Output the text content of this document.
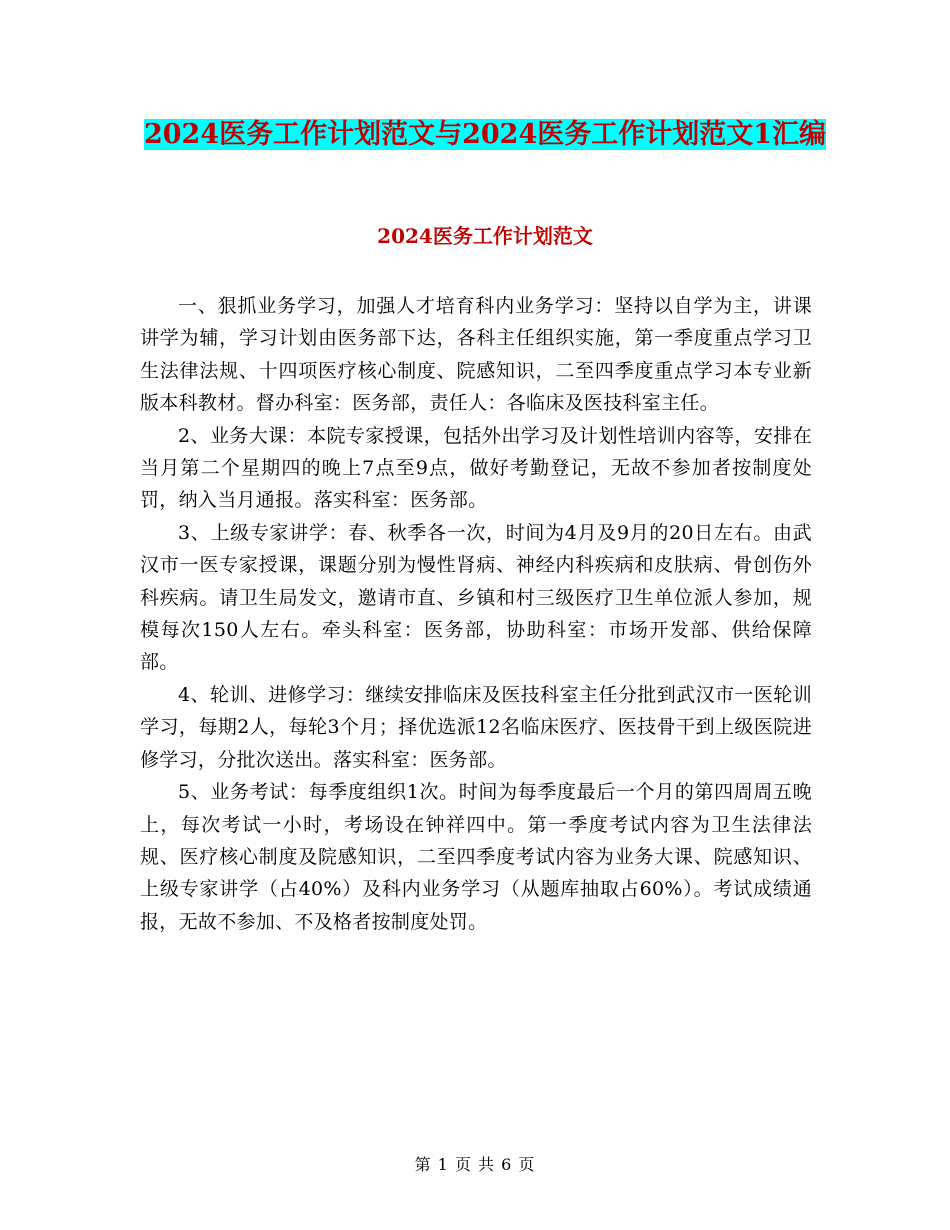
2024医务工作计划范文与2024医务工作计划范文1汇编
2024医务工作计划范文

一、狠抓业务学习，加强人才培育科内业务学习：坚持以自学为主，讲课讲学为辅，学习计划由医务部下达，各科主任组织实施，第一季度重点学习卫生法律法规、十四项医疗核心制度、院感知识，二至四季度重点学习本专业新版本科教材。督办科室：医务部，责任人：各临床及医技科室主任。

2、业务大课：本院专家授课，包括外出学习及计划性培训内容等，安排在当月第二个星期四的晚上7点至9点，做好考勤登记，无故不参加者按制度处罚，纳入当月通报。落实科室：医务部。

3、上级专家讲学：春、秋季各一次，时间为4月及9月的20日左右。由武汉市一医专家授课，课题分别为慢性肾病、神经内科疾病和皮肤病、骨创伤外科疾病。请卫生局发文，邀请市直、乡镇和村三级医疗卫生单位派人参加，规模每次150人左右。牵头科室：医务部，协助科室：市场开发部、供给保障部。

4、轮训、进修学习：继续安排临床及医技科室主任分批到武汉市一医轮训学习，每期2人，每轮3个月；择优选派12名临床医疗、医技骨干到上级医院进修学习，分批次送出。落实科室：医务部。

5、业务考试：每季度组织1次。时间为每季度最后一个月的第四周周五晚上，每次考试一小时，考场设在钟祥四中。第一季度考试内容为卫生法律法规、医疗核心制度及院感知识，二至四季度考试内容为业务大课、院感知识、上级专家讲学（占40%）及科内业务学习（从题库抽取占60%）。考试成绩通报，无故不参加、不及格者按制度处罚。

第 1 页 共 6 页
